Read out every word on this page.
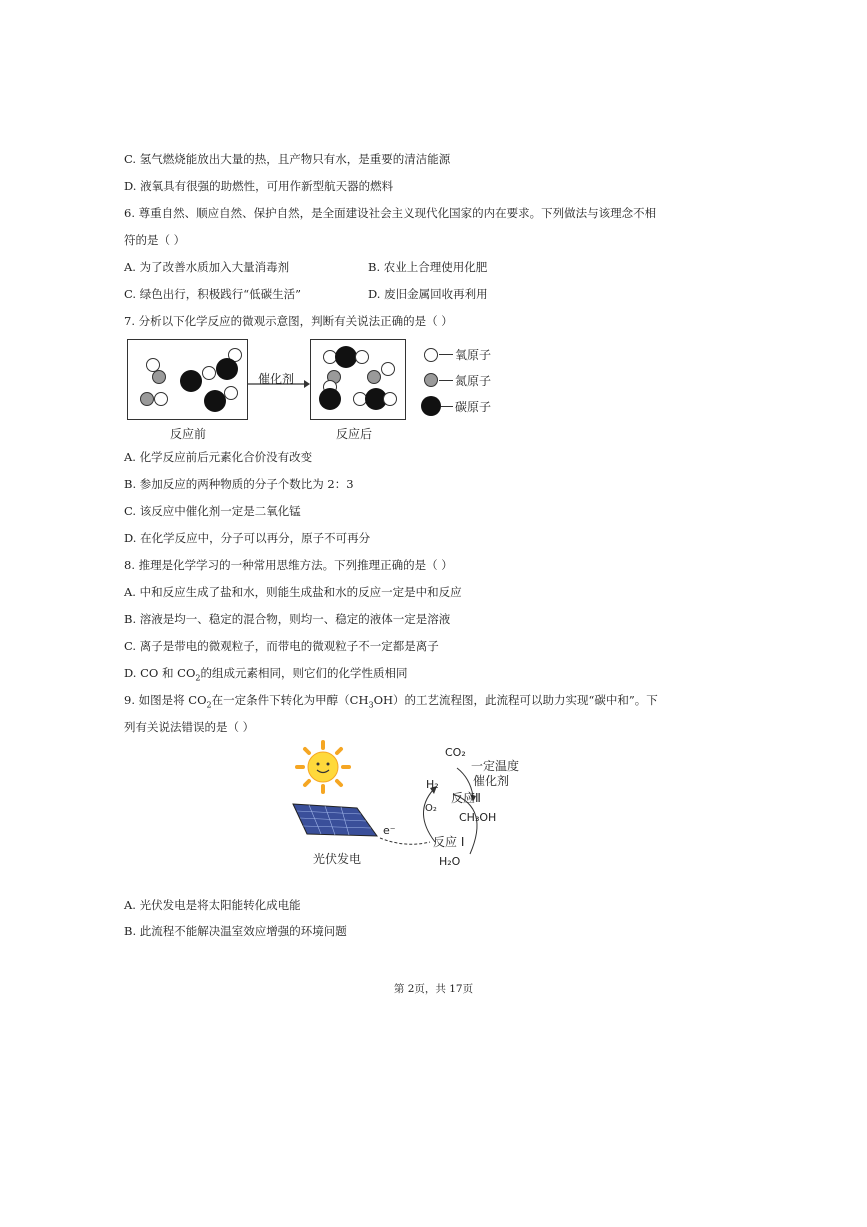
C. 氢气燃烧能放出大量的热，且产物只有水，是重要的清洁能源
D. 液氧具有很强的助燃性，可用作新型航天器的燃料
6. 尊重自然、顺应自然、保护自然，是全面建设社会主义现代化国家的内在要求。下列做法与该理念不相
符的是（ ）
A. 为了改善水质加入大量消毒剂	B. 农业上合理使用化肥
C. 绿色出行，积极践行“低碳生活”	D. 废旧金属回收再利用
7. 分析以下化学反应的微观示意图，判断有关说法正确的是（ ）
催化剂
反应前	反应后
氧原子
氮原子
碳原子
A. 化学反应前后元素化合价没有改变
B. 参加反应的两种物质的分子个数比为 2：3
C. 该反应中催化剂一定是二氧化锰
D. 在化学反应中，分子可以再分，原子不可再分
8. 推理是化学学习的一种常用思维方法。下列推理正确的是（ ）
A. 中和反应生成了盐和水，则能生成盐和水的反应一定是中和反应
B. 溶液是均一、稳定的混合物，则均一、稳定的液体一定是溶液
C. 离子是带电的微观粒子，而带电的微观粒子不一定都是离子
D. CO 和 $CO_2$的组成元素相同，则它们的化学性质相同
9. 如图是将 $CO_2$在一定条件下转化为甲醇$(CH_3OH)$的工艺流程图，此流程可以助力实现“碳中和”。下
列有关说法错误的是（ ）
光伏发电
e⁻
CO₂
一定温度
催化剂
H₂
O₂
反应Ⅱ
CH₃OH
反应 I
H₂O
A. 光伏发电是将太阳能转化成电能
B. 此流程不能解决温室效应增强的环境问题
第 2页，共 17页
